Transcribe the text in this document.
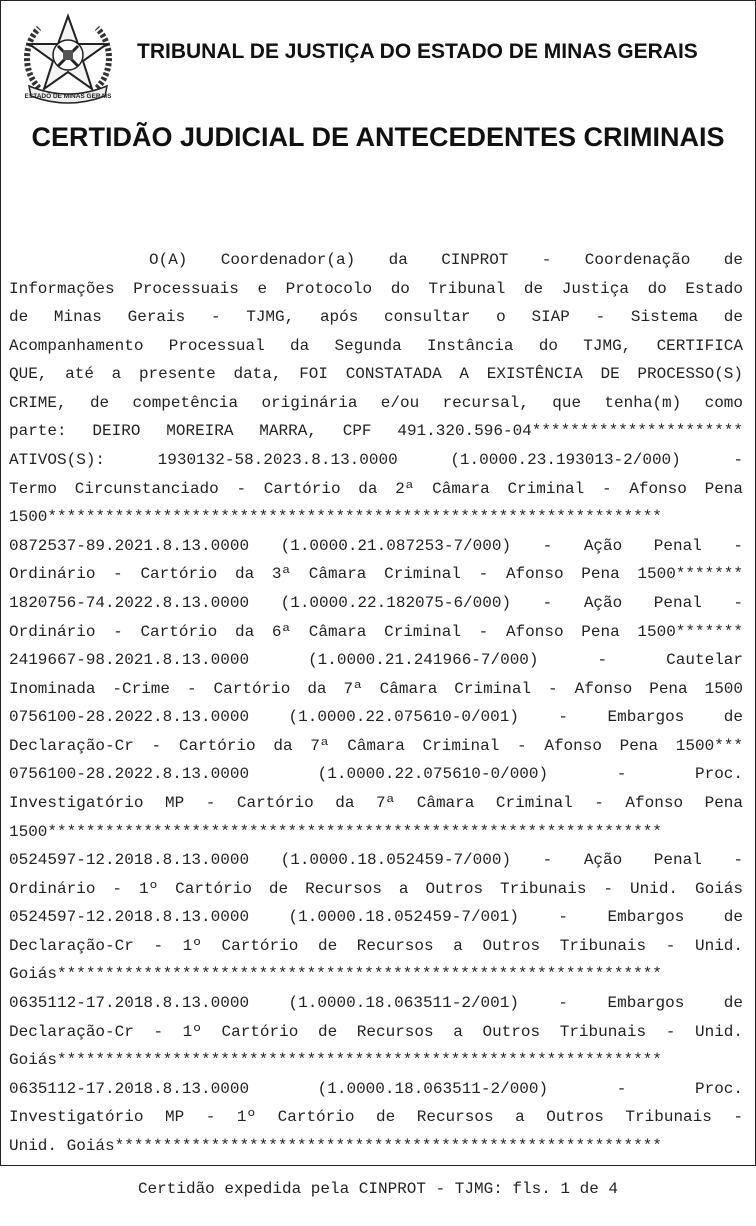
ESTADO DE MINAS GERAIS
TRIBUNAL DE JUSTIÇA DO ESTADO DE MINAS GERAIS
CERTIDÃO JUDICIAL DE ANTECEDENTES CRIMINAIS
O(A) Coordenador(a) da CINPROT - Coordenação de
Informações Processuais e Protocolo do Tribunal de Justiça do Estado
de Minas Gerais - TJMG, após consultar o SIAP - Sistema de
Acompanhamento Processual da Segunda Instância do TJMG, CERTIFICA
QUE, até a presente data, FOI CONSTATADA A EXISTÊNCIA DE PROCESSO(S)
CRIME, de competência originária e/ou recursal, que tenha(m) como
parte: DEIRO MOREIRA MARRA, CPF 491.320.596-04**********************
ATIVOS(S): 1930132-58.2023.8.13.0000 (1.0000.23.193013-2/000) -
Termo Circunstanciado - Cartório da 2ª Câmara Criminal - Afonso Pena
1500****************************************************************
0872537-89.2021.8.13.0000 (1.0000.21.087253-7/000) - Ação Penal -
Ordinário - Cartório da 3ª Câmara Criminal - Afonso Pena 1500*******
1820756-74.2022.8.13.0000 (1.0000.22.182075-6/000) - Ação Penal -
Ordinário - Cartório da 6ª Câmara Criminal - Afonso Pena 1500*******
2419667-98.2021.8.13.0000 (1.0000.21.241966-7/000) - Cautelar
Inominada -Crime - Cartório da 7ª Câmara Criminal - Afonso Pena 1500
0756100-28.2022.8.13.0000 (1.0000.22.075610-0/001) - Embargos de
Declaração-Cr - Cartório da 7ª Câmara Criminal - Afonso Pena 1500***
0756100-28.2022.8.13.0000 (1.0000.22.075610-0/000) - Proc.
Investigatório MP - Cartório da 7ª Câmara Criminal - Afonso Pena
1500****************************************************************
0524597-12.2018.8.13.0000 (1.0000.18.052459-7/000) - Ação Penal -
Ordinário - 1º Cartório de Recursos a Outros Tribunais - Unid. Goiás
0524597-12.2018.8.13.0000 (1.0000.18.052459-7/001) - Embargos de
Declaração-Cr - 1º Cartório de Recursos a Outros Tribunais - Unid.
Goiás***************************************************************
0635112-17.2018.8.13.0000 (1.0000.18.063511-2/001) - Embargos de
Declaração-Cr - 1º Cartório de Recursos a Outros Tribunais - Unid.
Goiás***************************************************************
0635112-17.2018.8.13.0000 (1.0000.18.063511-2/000) - Proc.
Investigatório MP - 1º Cartório de Recursos a Outros Tribunais -
Unid. Goiás*********************************************************
Certidão expedida pela CINPROT - TJMG: fls. 1 de 4
